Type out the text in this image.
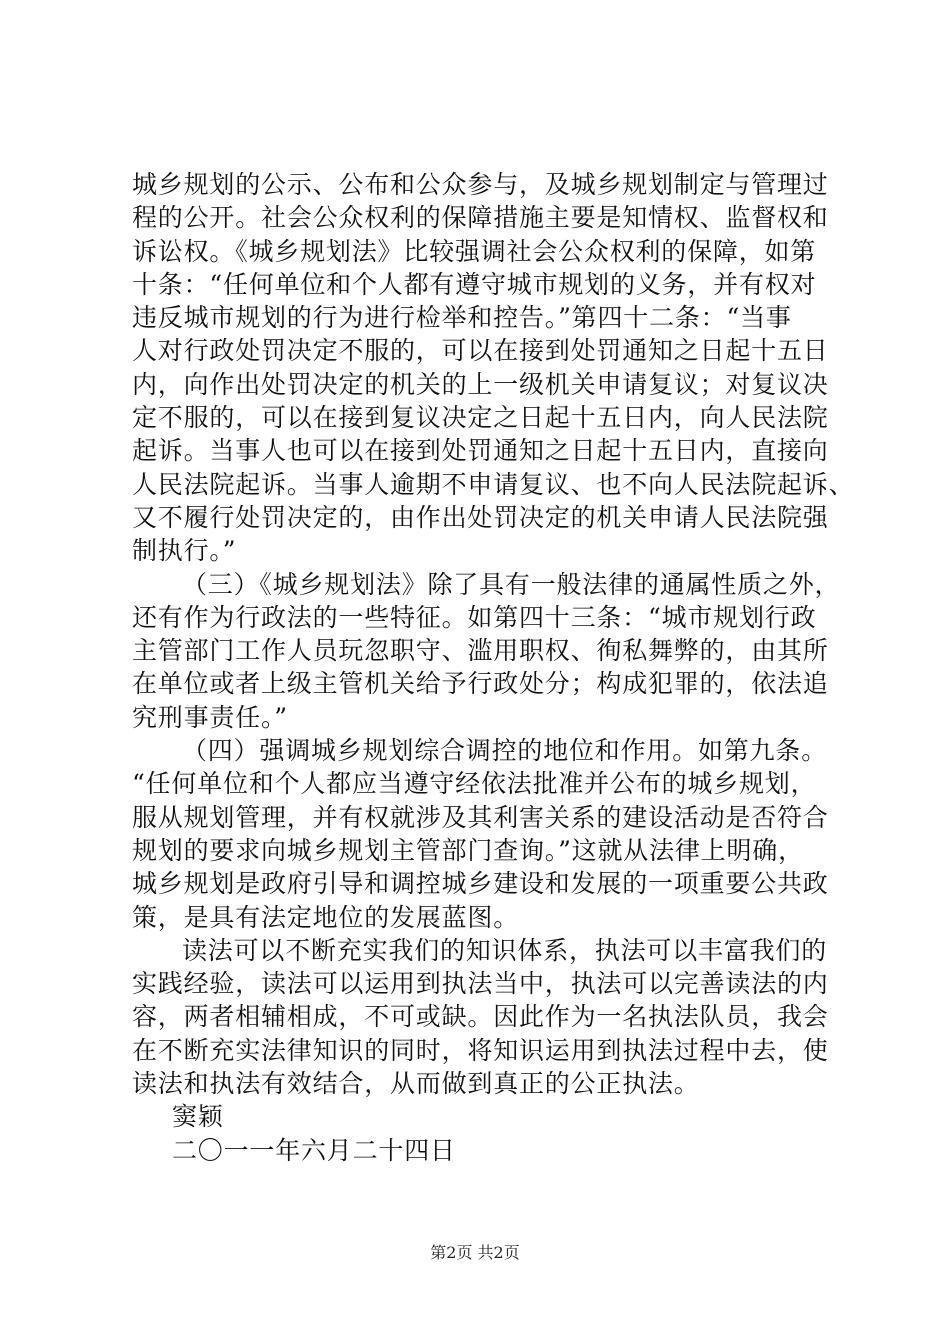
城乡规划的公示、公布和公众参与，及城乡规划制定与管理过
程的公开。社会公众权利的保障措施主要是知情权、监督权和
诉讼权。《城乡规划法》比较强调社会公众权利的保障，如第
十条：“任何单位和个人都有遵守城市规划的义务，并有权对
违反城市规划的行为进行检举和控告。”第四十二条：“当事
人对行政处罚决定不服的，可以在接到处罚通知之日起十五日
内，向作出处罚决定的机关的上一级机关申请复议；对复议决
定不服的，可以在接到复议决定之日起十五日内，向人民法院
起诉。当事人也可以在接到处罚通知之日起十五日内，直接向
人民法院起诉。当事人逾期不申请复议、也不向人民法院起诉、
又不履行处罚决定的，由作出处罚决定的机关申请人民法院强
制执行。”
（三）《城乡规划法》除了具有一般法律的通属性质之外，
还有作为行政法的一些特征。如第四十三条：“城市规划行政
主管部门工作人员玩忽职守、滥用职权、徇私舞弊的，由其所
在单位或者上级主管机关给予行政处分；构成犯罪的，依法追
究刑事责任。”
（四）强调城乡规划综合调控的地位和作用。如第九条。
“任何单位和个人都应当遵守经依法批准并公布的城乡规划，
服从规划管理，并有权就涉及其利害关系的建设活动是否符合
规划的要求向城乡规划主管部门查询。”这就从法律上明确，
城乡规划是政府引导和调控城乡建设和发展的一项重要公共政
策，是具有法定地位的发展蓝图。
读法可以不断充实我们的知识体系，执法可以丰富我们的
实践经验，读法可以运用到执法当中，执法可以完善读法的内
容，两者相辅相成，不可或缺。因此作为一名执法队员，我会
在不断充实法律知识的同时，将知识运用到执法过程中去，使
读法和执法有效结合，从而做到真正的公正执法。
窦颖
二〇一一年六月二十四日
第2页 共2页
